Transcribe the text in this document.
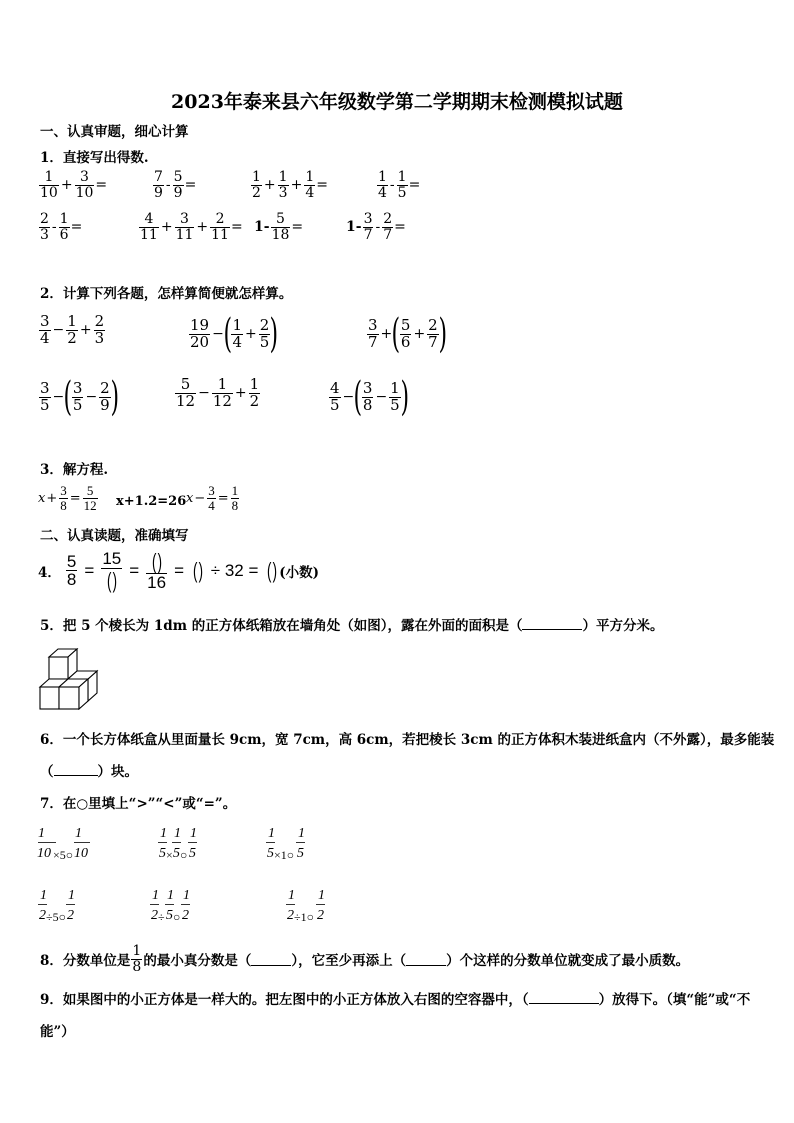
2023年泰来县六年级数学第二学期期末检测模拟试题
一、认真审题，细心计算
1．直接写出得数.
1
$10 + \frac{3}{10}$ =
7
$9 - \frac{5}{9}$ =
1
$2 + \frac{1}{3} + \frac{1}{4}$ =
1
$4 - \frac{1}{5}$ =
2
$3 - \frac{1}{6}$ =
4
$11 + \frac{3}{11} + \frac{2}{11} = 1- \frac{5}{18}$ =	1-
3
$7 - \frac{2}{7}$ =
2．计算下列各题，怎样算简便就怎样算。
3
$4 - \frac{1}{2} + \frac{2}{3}$	19
20 − ( 1
$4 + \frac{2}{5}$ )	3
7 + ( 5
$6 + \frac{2}{7}$ )
3
5 − ( 3
$5 - \frac{2}{9}$ )	5
$12 - \frac{1}{12} + \frac{1}{2}$	4
5 − ( 3
$8 - \frac{1}{5}$ )
3．解方程.
$x + \frac{3}{8} = \frac{5}{12} x+1.2=26$ $x - \frac{3}{4} = \frac{1}{8}$
二、认真读题，准确填写
4． $\frac{5}{8}$ =
15
( ) = ( )
16
= ( ) ÷ 32 = ( ) (小数)
5．把 5 个棱长为 1dm 的正方体纸箱放在墙角处（如图），露在外面的面积是（	）平方分米。
6．一个长方体纸盒从里面量长 9cm，宽 7cm，高 6cm，若把棱长 3cm 的正方体积木装进纸盒内（不外露），最多能装
（	）块。
7．在○里填上“>”“<”或“=”。
1
10 ×5○
1
10
1
5 ×
1
5 ○
1
5
1
5 ×1○
1
5
1
2 ÷5○
1
2
1
2 ÷
1
5 ○
1
2
1
2 ÷1○
1
2
8．分数单位是
1
8 的最小真分数是（	），它至少再添上（	）个这样的分数单位就变成了最小质数。
9．如果图中的小正方体是一样大的。把左图中的小正方体放入右图的空容器中，（	）放得下。（填“能”或“不
能”）
